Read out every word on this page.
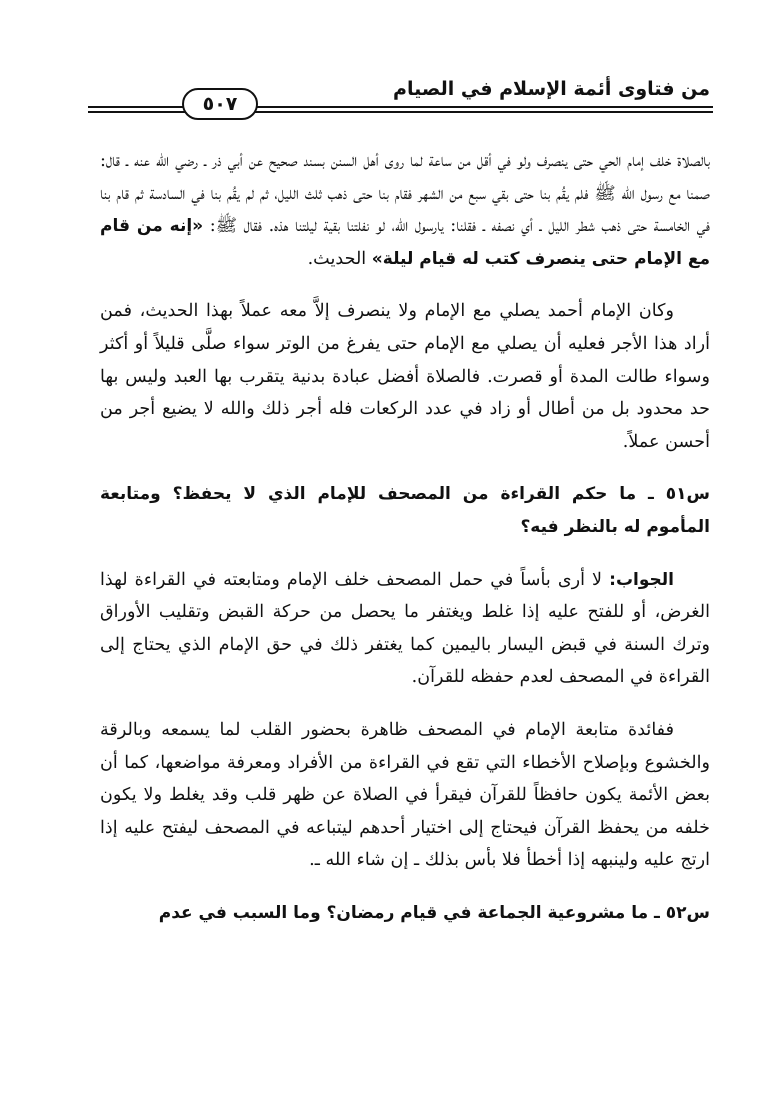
من فتاوى أئمة الإسلام في الصيام
٥٠٧

بالصلاة خلف إمام الحي حتى ينصرف ولو في أقل من ساعة لما روى أهل السنن بسند صحيح عن أبي ذر ـ رضي الله عنه ـ قال: صمنا مع رسول الله ﷺ فلم يقُم بنا حتى بقي سبع من الشهر فقام بنا حتى ذهب ثلث الليل، ثم لم يقُم بنا في السادسة ثم قام بنا في الخامسة حتى ذهب شطر الليل ـ أي نصفه ـ فقلنا: يارسول الله، لو نفلتنا بقية ليلتنا هذه. فقال ﷺ: «إنه من قام مع الإمام حتى ينصرف كتب له قيام ليلة» الحديث.

وكان الإمام أحمد يصلي مع الإمام ولا ينصرف إلاَّ معه عملاً بهذا الحديث، فمن أراد هذا الأجر فعليه أن يصلي مع الإمام حتى يفرغ من الوتر سواء صلَّى قليلاً أو أكثر وسواء طالت المدة أو قصرت. فالصلاة أفضل عبادة بدنية يتقرب بها العبد وليس بها حد محدود بل من أطال أو زاد في عدد الركعات فله أجر ذلك والله لا يضيع أجر من أحسن عملاً.

س٥١ ـ ما حكم القراءة من المصحف للإمام الذي لا يحفظ؟ ومتابعة المأموم له بالنظر فيه؟

الجواب: لا أرى بأساً في حمل المصحف خلف الإمام ومتابعته في القراءة لهذا الغرض، أو للفتح عليه إذا غلط ويغتفر ما يحصل من حركة القبض وتقليب الأوراق وترك السنة في قبض اليسار باليمين كما يغتفر ذلك في حق الإمام الذي يحتاج إلى القراءة في المصحف لعدم حفظه للقرآن.

ففائدة متابعة الإمام في المصحف ظاهرة بحضور القلب لما يسمعه وبالرقة والخشوع وبإصلاح الأخطاء التي تقع في القراءة من الأفراد ومعرفة مواضعها، كما أن بعض الأئمة يكون حافظاً للقرآن فيقرأ في الصلاة عن ظهر قلب وقد يغلط ولا يكون خلفه من يحفظ القرآن فيحتاج إلى اختيار أحدهم ليتباعه في المصحف ليفتح عليه إذا ارتج عليه ولينبهه إذا أخطأ فلا بأس بذلك ـ إن شاء الله ـ.

س٥٢ ـ ما مشروعية الجماعة في قيام رمضان؟ وما السبب في عدم
